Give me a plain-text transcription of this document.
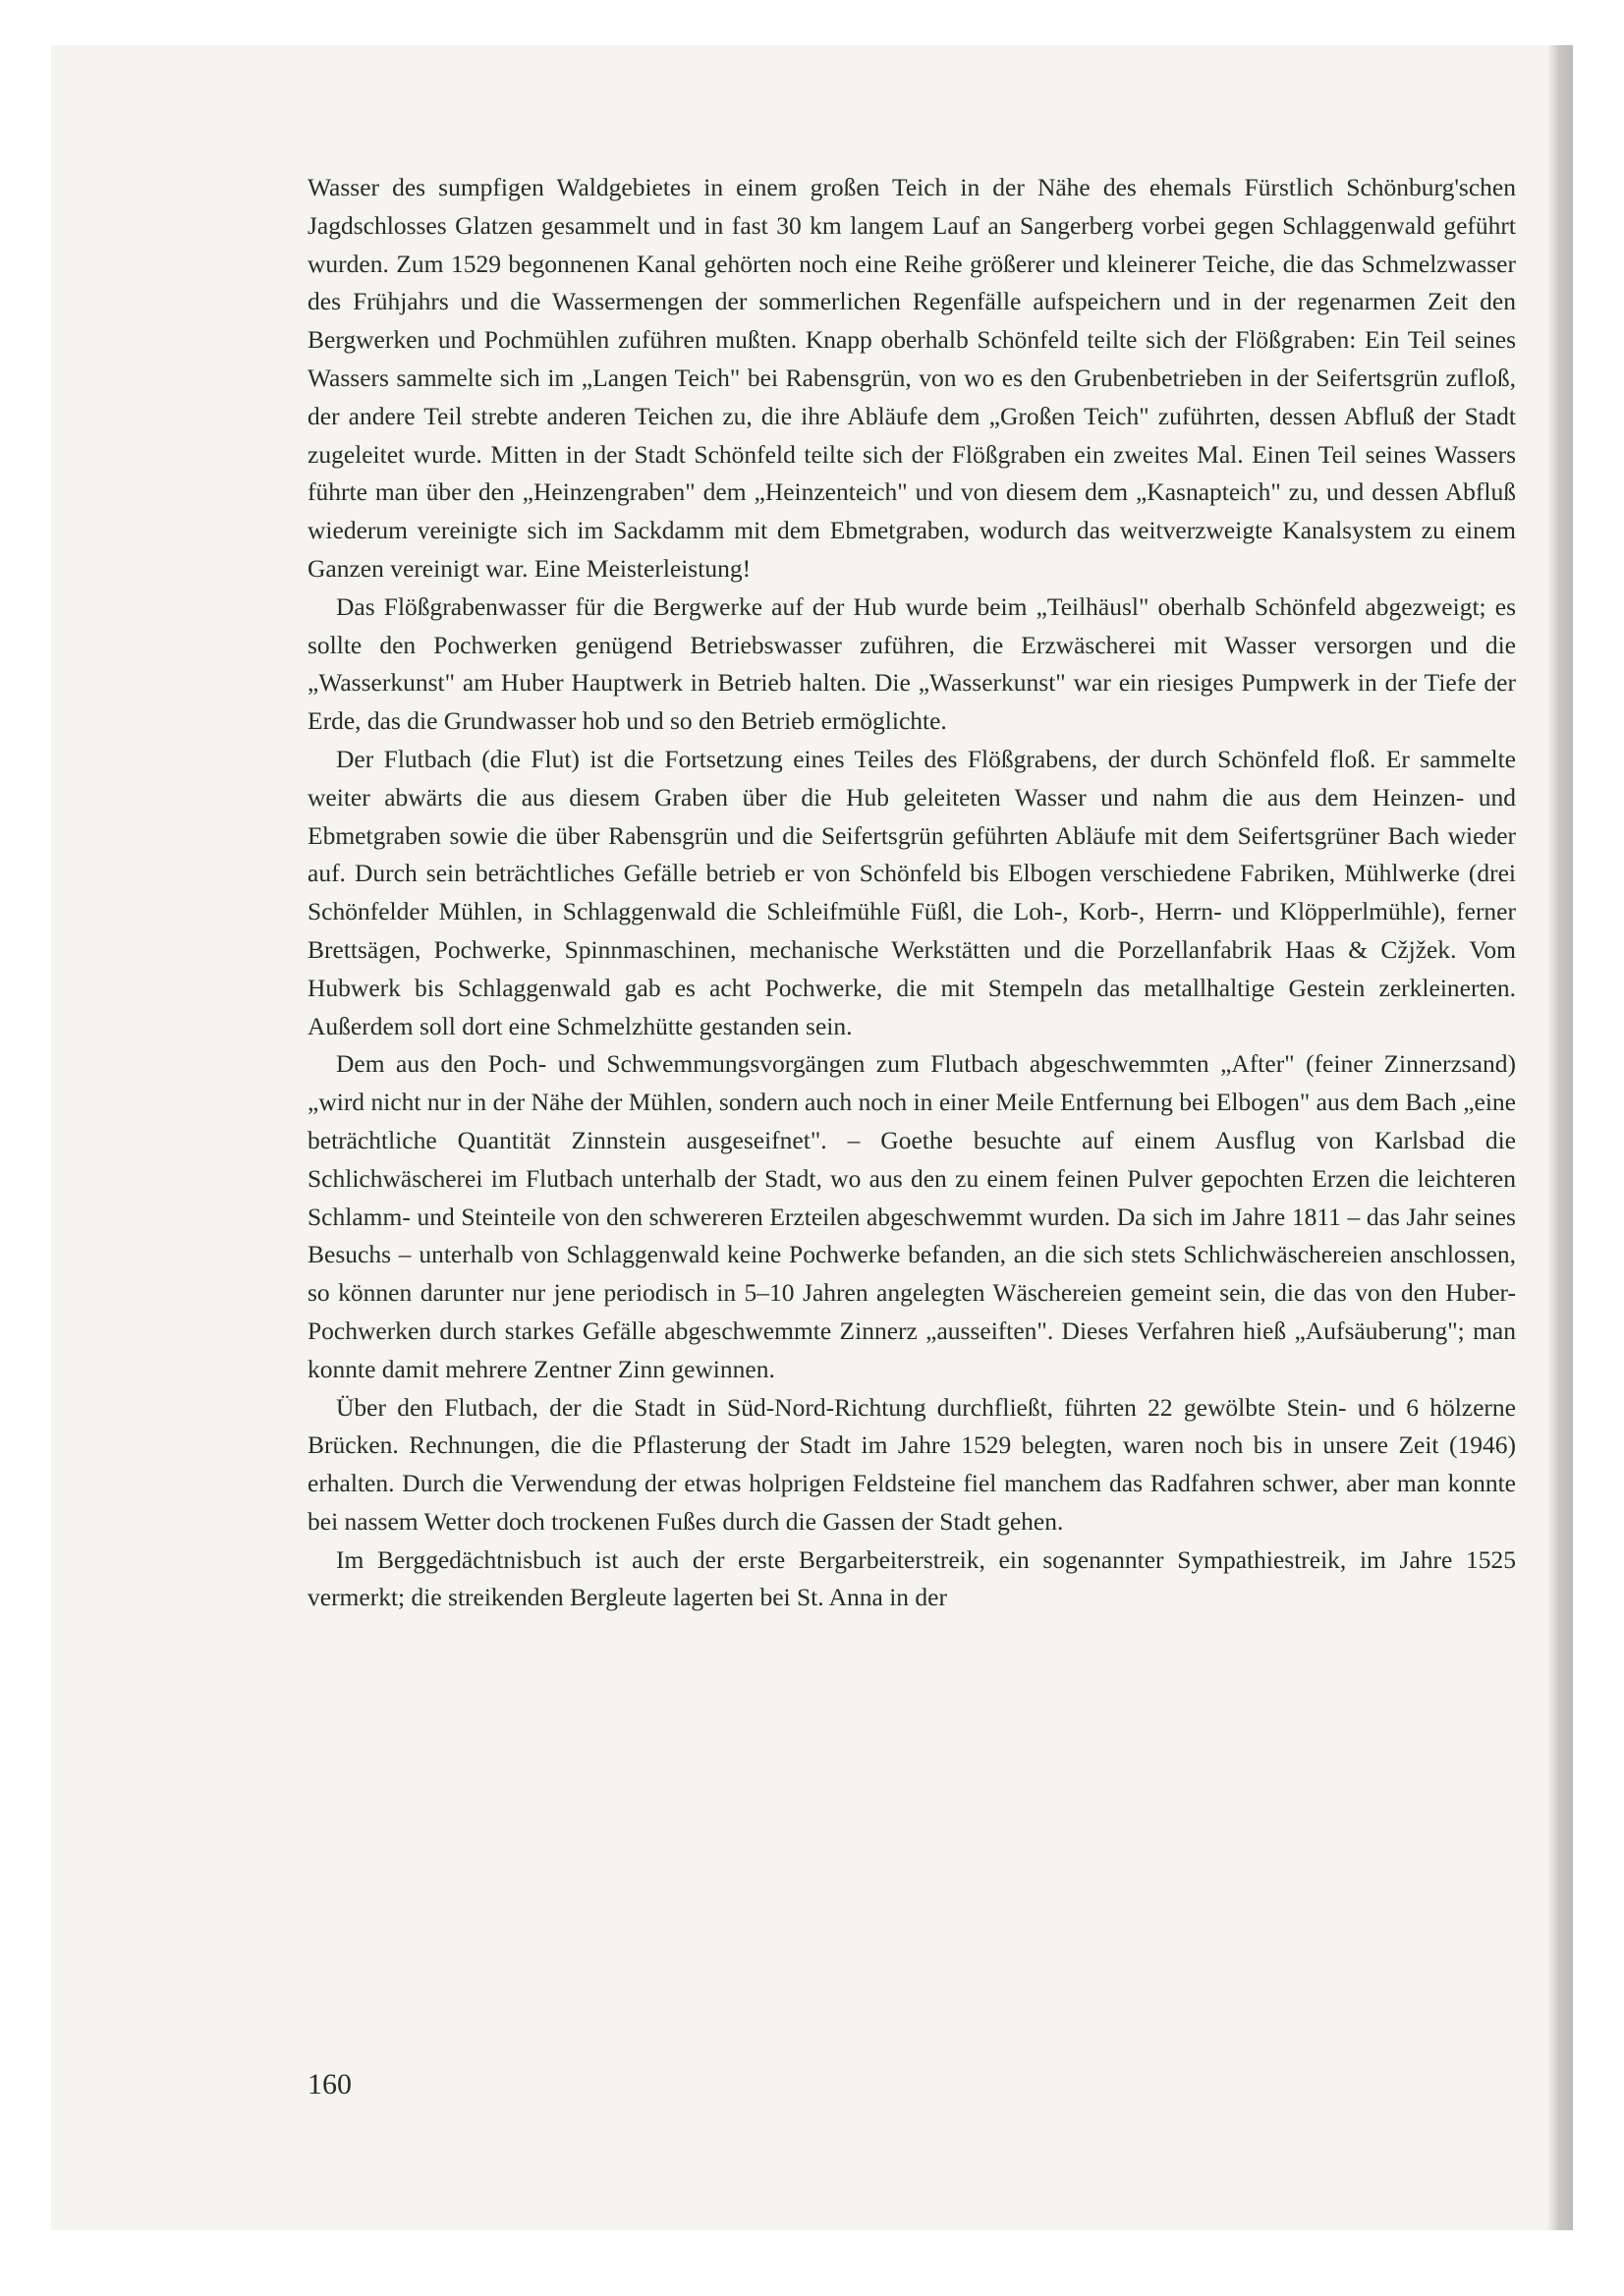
Wasser des sumpfigen Waldgebietes in einem großen Teich in der Nähe des ehemals Fürstlich Schönburg'schen Jagdschlosses Glatzen gesammelt und in fast 30 km langem Lauf an Sangerberg vorbei gegen Schlaggenwald geführt wurden. Zum 1529 begonnenen Kanal gehörten noch eine Reihe größerer und kleinerer Teiche, die das Schmelzwasser des Frühjahrs und die Wassermengen der sommerlichen Regenfälle aufspeichern und in der regenarmen Zeit den Bergwerken und Pochmühlen zuführen mußten. Knapp oberhalb Schönfeld teilte sich der Flößgraben: Ein Teil seines Wassers sammelte sich im „Langen Teich" bei Rabensgrün, von wo es den Grubenbetrieben in der Seifertsgrün zufloß, der andere Teil strebte anderen Teichen zu, die ihre Abläufe dem „Großen Teich" zuführten, dessen Abfluß der Stadt zugeleitet wurde. Mitten in der Stadt Schönfeld teilte sich der Flößgraben ein zweites Mal. Einen Teil seines Wassers führte man über den „Heinzengraben" dem „Heinzenteich" und von diesem dem „Kasnapteich" zu, und dessen Abfluß wiederum vereinigte sich im Sackdamm mit dem Ebmetgraben, wodurch das weitverzweigte Kanalsystem zu einem Ganzen vereinigt war. Eine Meisterleistung!

Das Flößgrabenwasser für die Bergwerke auf der Hub wurde beim „Teilhäusl" oberhalb Schönfeld abgezweigt; es sollte den Pochwerken genügend Betriebswasser zuführen, die Erzwäscherei mit Wasser versorgen und die „Wasserkunst" am Huber Hauptwerk in Betrieb halten. Die „Wasserkunst" war ein riesiges Pumpwerk in der Tiefe der Erde, das die Grundwasser hob und so den Betrieb ermöglichte.

Der Flutbach (die Flut) ist die Fortsetzung eines Teiles des Flößgrabens, der durch Schönfeld floß. Er sammelte weiter abwärts die aus diesem Graben über die Hub geleiteten Wasser und nahm die aus dem Heinzen- und Ebmetgraben sowie die über Rabensgrün und die Seifertsgrün geführten Abläufe mit dem Seifertsgrüner Bach wieder auf. Durch sein beträchtliches Gefälle betrieb er von Schönfeld bis Elbogen verschiedene Fabriken, Mühlwerke (drei Schönfelder Mühlen, in Schlaggenwald die Schleifmühle Füßl, die Loh-, Korb-, Herrn- und Klöpperlmühle), ferner Brettsägen, Pochwerke, Spinnmaschinen, mechanische Werkstätten und die Porzellanfabrik Haas & Cžjžek. Vom Hubwerk bis Schlaggenwald gab es acht Pochwerke, die mit Stempeln das metallhaltige Gestein zerkleinerten. Außerdem soll dort eine Schmelzhütte gestanden sein.

Dem aus den Poch- und Schwemmungsvorgängen zum Flutbach abgeschwemmten „After" (feiner Zinnerzsand) „wird nicht nur in der Nähe der Mühlen, sondern auch noch in einer Meile Entfernung bei Elbogen" aus dem Bach „eine beträchtliche Quantität Zinnstein ausgeseifnet". – Goethe besuchte auf einem Ausflug von Karlsbad die Schlichwäscherei im Flutbach unterhalb der Stadt, wo aus den zu einem feinen Pulver gepochten Erzen die leichteren Schlamm- und Steinteile von den schwereren Erzteilen abgeschwemmt wurden. Da sich im Jahre 1811 – das Jahr seines Besuchs – unterhalb von Schlaggenwald keine Pochwerke befanden, an die sich stets Schlichwäschereien anschlossen, so können darunter nur jene periodisch in 5–10 Jahren angelegten Wäschereien gemeint sein, die das von den Huber-Pochwerken durch starkes Gefälle abgeschwemmte Zinnerz „ausseiften". Dieses Verfahren hieß „Aufsäuberung"; man konnte damit mehrere Zentner Zinn gewinnen.

Über den Flutbach, der die Stadt in Süd-Nord-Richtung durchfließt, führten 22 gewölbte Stein- und 6 hölzerne Brücken. Rechnungen, die die Pflasterung der Stadt im Jahre 1529 belegten, waren noch bis in unsere Zeit (1946) erhalten. Durch die Verwendung der etwas holprigen Feldsteine fiel manchem das Radfahren schwer, aber man konnte bei nassem Wetter doch trockenen Fußes durch die Gassen der Stadt gehen.

Im Berggedächtnisbuch ist auch der erste Bergarbeiterstreik, ein sogenannter Sympathiestreik, im Jahre 1525 vermerkt; die streikenden Bergleute lagerten bei St. Anna in der

160
